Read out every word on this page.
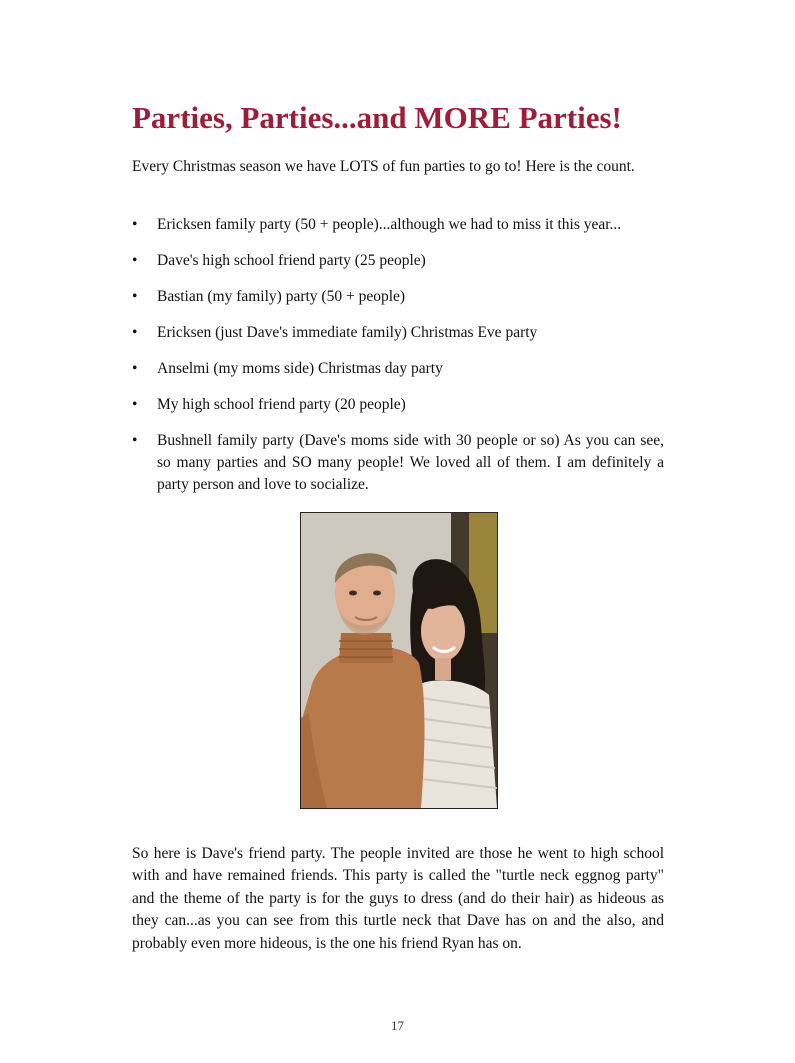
Parties, Parties...and MORE Parties!

Every Christmas season we have LOTS of fun parties to go to! Here is the count.

•	Ericksen family party (50 + people)...although we had to miss it this year...
•	Dave's high school friend party (25 people)
•	Bastian (my family) party (50 + people)
•	Ericksen (just Dave's immediate family) Christmas Eve party
•	Anselmi (my moms side) Christmas day party
•	My high school friend party (20 people)
•	Bushnell family party (Dave's moms side with 30 people or so) As you can see, so many parties and SO many people! We loved all of them. I am definitely a party person and love to socialize.

So here is Dave's friend party. The people invited are those he went to high school with and have remained friends. This party is called the "turtle neck eggnog party" and the theme of the party is for the guys to dress (and do their hair) as hideous as they can...as you can see from this turtle neck that Dave has on and the also, and probably even more hideous, is the one his friend Ryan has on.

17
